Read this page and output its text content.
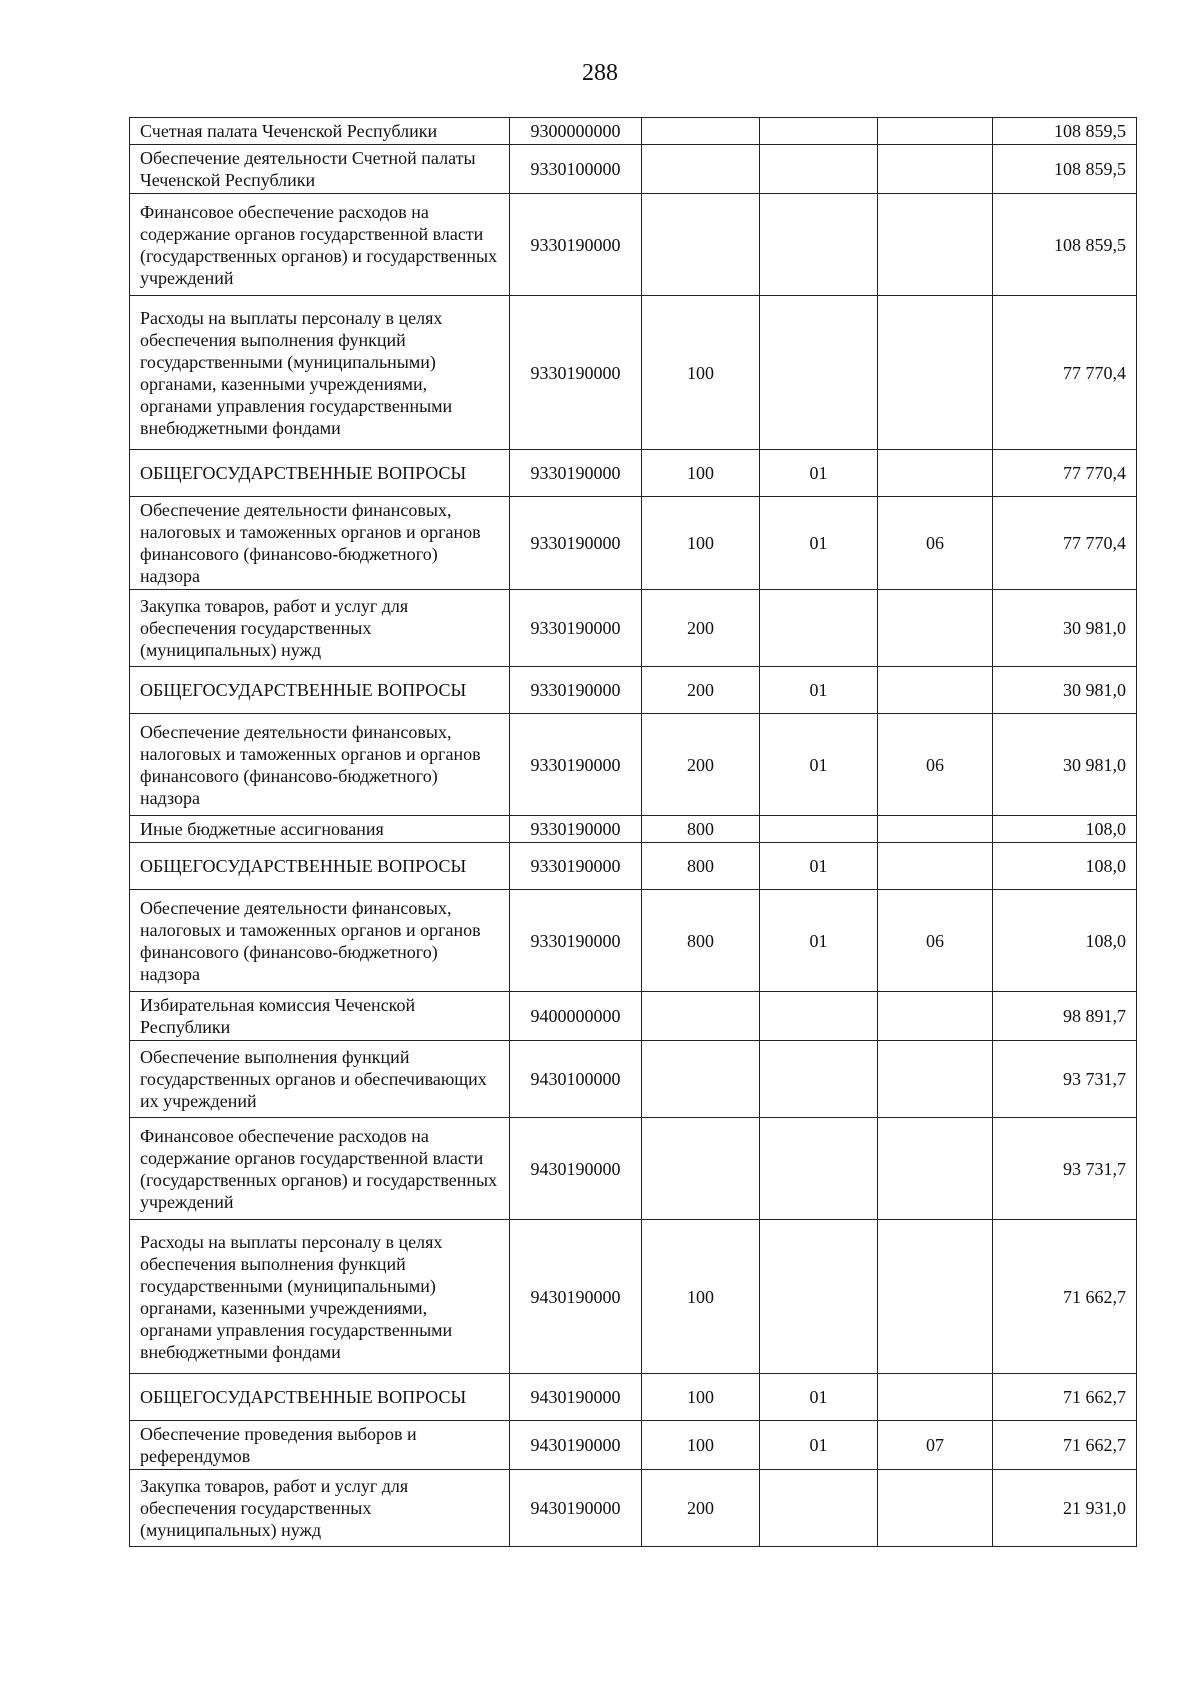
288
Счетная палата Чеченской Республики	9300000000				108 859,5
Обеспечение деятельности Счетной палаты Чеченской Республики	9330100000				108 859,5
Финансовое обеспечение расходов на содержание органов государственной власти (государственных органов) и государственных учреждений	9330190000				108 859,5
Расходы на выплаты персоналу в целях обеспечения выполнения функций государственными (муниципальными) органами, казенными учреждениями, органами управления государственными внебюджетными фондами	9330190000	100			77 770,4
ОБЩЕГОСУДАРСТВЕННЫЕ ВОПРОСЫ	9330190000	100	01		77 770,4
Обеспечение деятельности финансовых, налоговых и таможенных органов и органов финансового (финансово-бюджетного) надзора	9330190000	100	01	06	77 770,4
Закупка товаров, работ и услуг для обеспечения государственных (муниципальных) нужд	9330190000	200			30 981,0
ОБЩЕГОСУДАРСТВЕННЫЕ ВОПРОСЫ	9330190000	200	01		30 981,0
Обеспечение деятельности финансовых, налоговых и таможенных органов и органов финансового (финансово-бюджетного) надзора	9330190000	200	01	06	30 981,0
Иные бюджетные ассигнования	9330190000	800			108,0
ОБЩЕГОСУДАРСТВЕННЫЕ ВОПРОСЫ	9330190000	800	01		108,0
Обеспечение деятельности финансовых, налоговых и таможенных органов и органов финансового (финансово-бюджетного) надзора	9330190000	800	01	06	108,0
Избирательная комиссия Чеченской Республики	9400000000				98 891,7
Обеспечение выполнения функций государственных органов и обеспечивающих их учреждений	9430100000				93 731,7
Финансовое обеспечение расходов на содержание органов государственной власти (государственных органов) и государственных учреждений	9430190000				93 731,7
Расходы на выплаты персоналу в целях обеспечения выполнения функций государственными (муниципальными) органами, казенными учреждениями, органами управления государственными внебюджетными фондами	9430190000	100			71 662,7
ОБЩЕГОСУДАРСТВЕННЫЕ ВОПРОСЫ	9430190000	100	01		71 662,7
Обеспечение проведения выборов и референдумов	9430190000	100	01	07	71 662,7
Закупка товаров, работ и услуг для обеспечения государственных (муниципальных) нужд	9430190000	200			21 931,0
